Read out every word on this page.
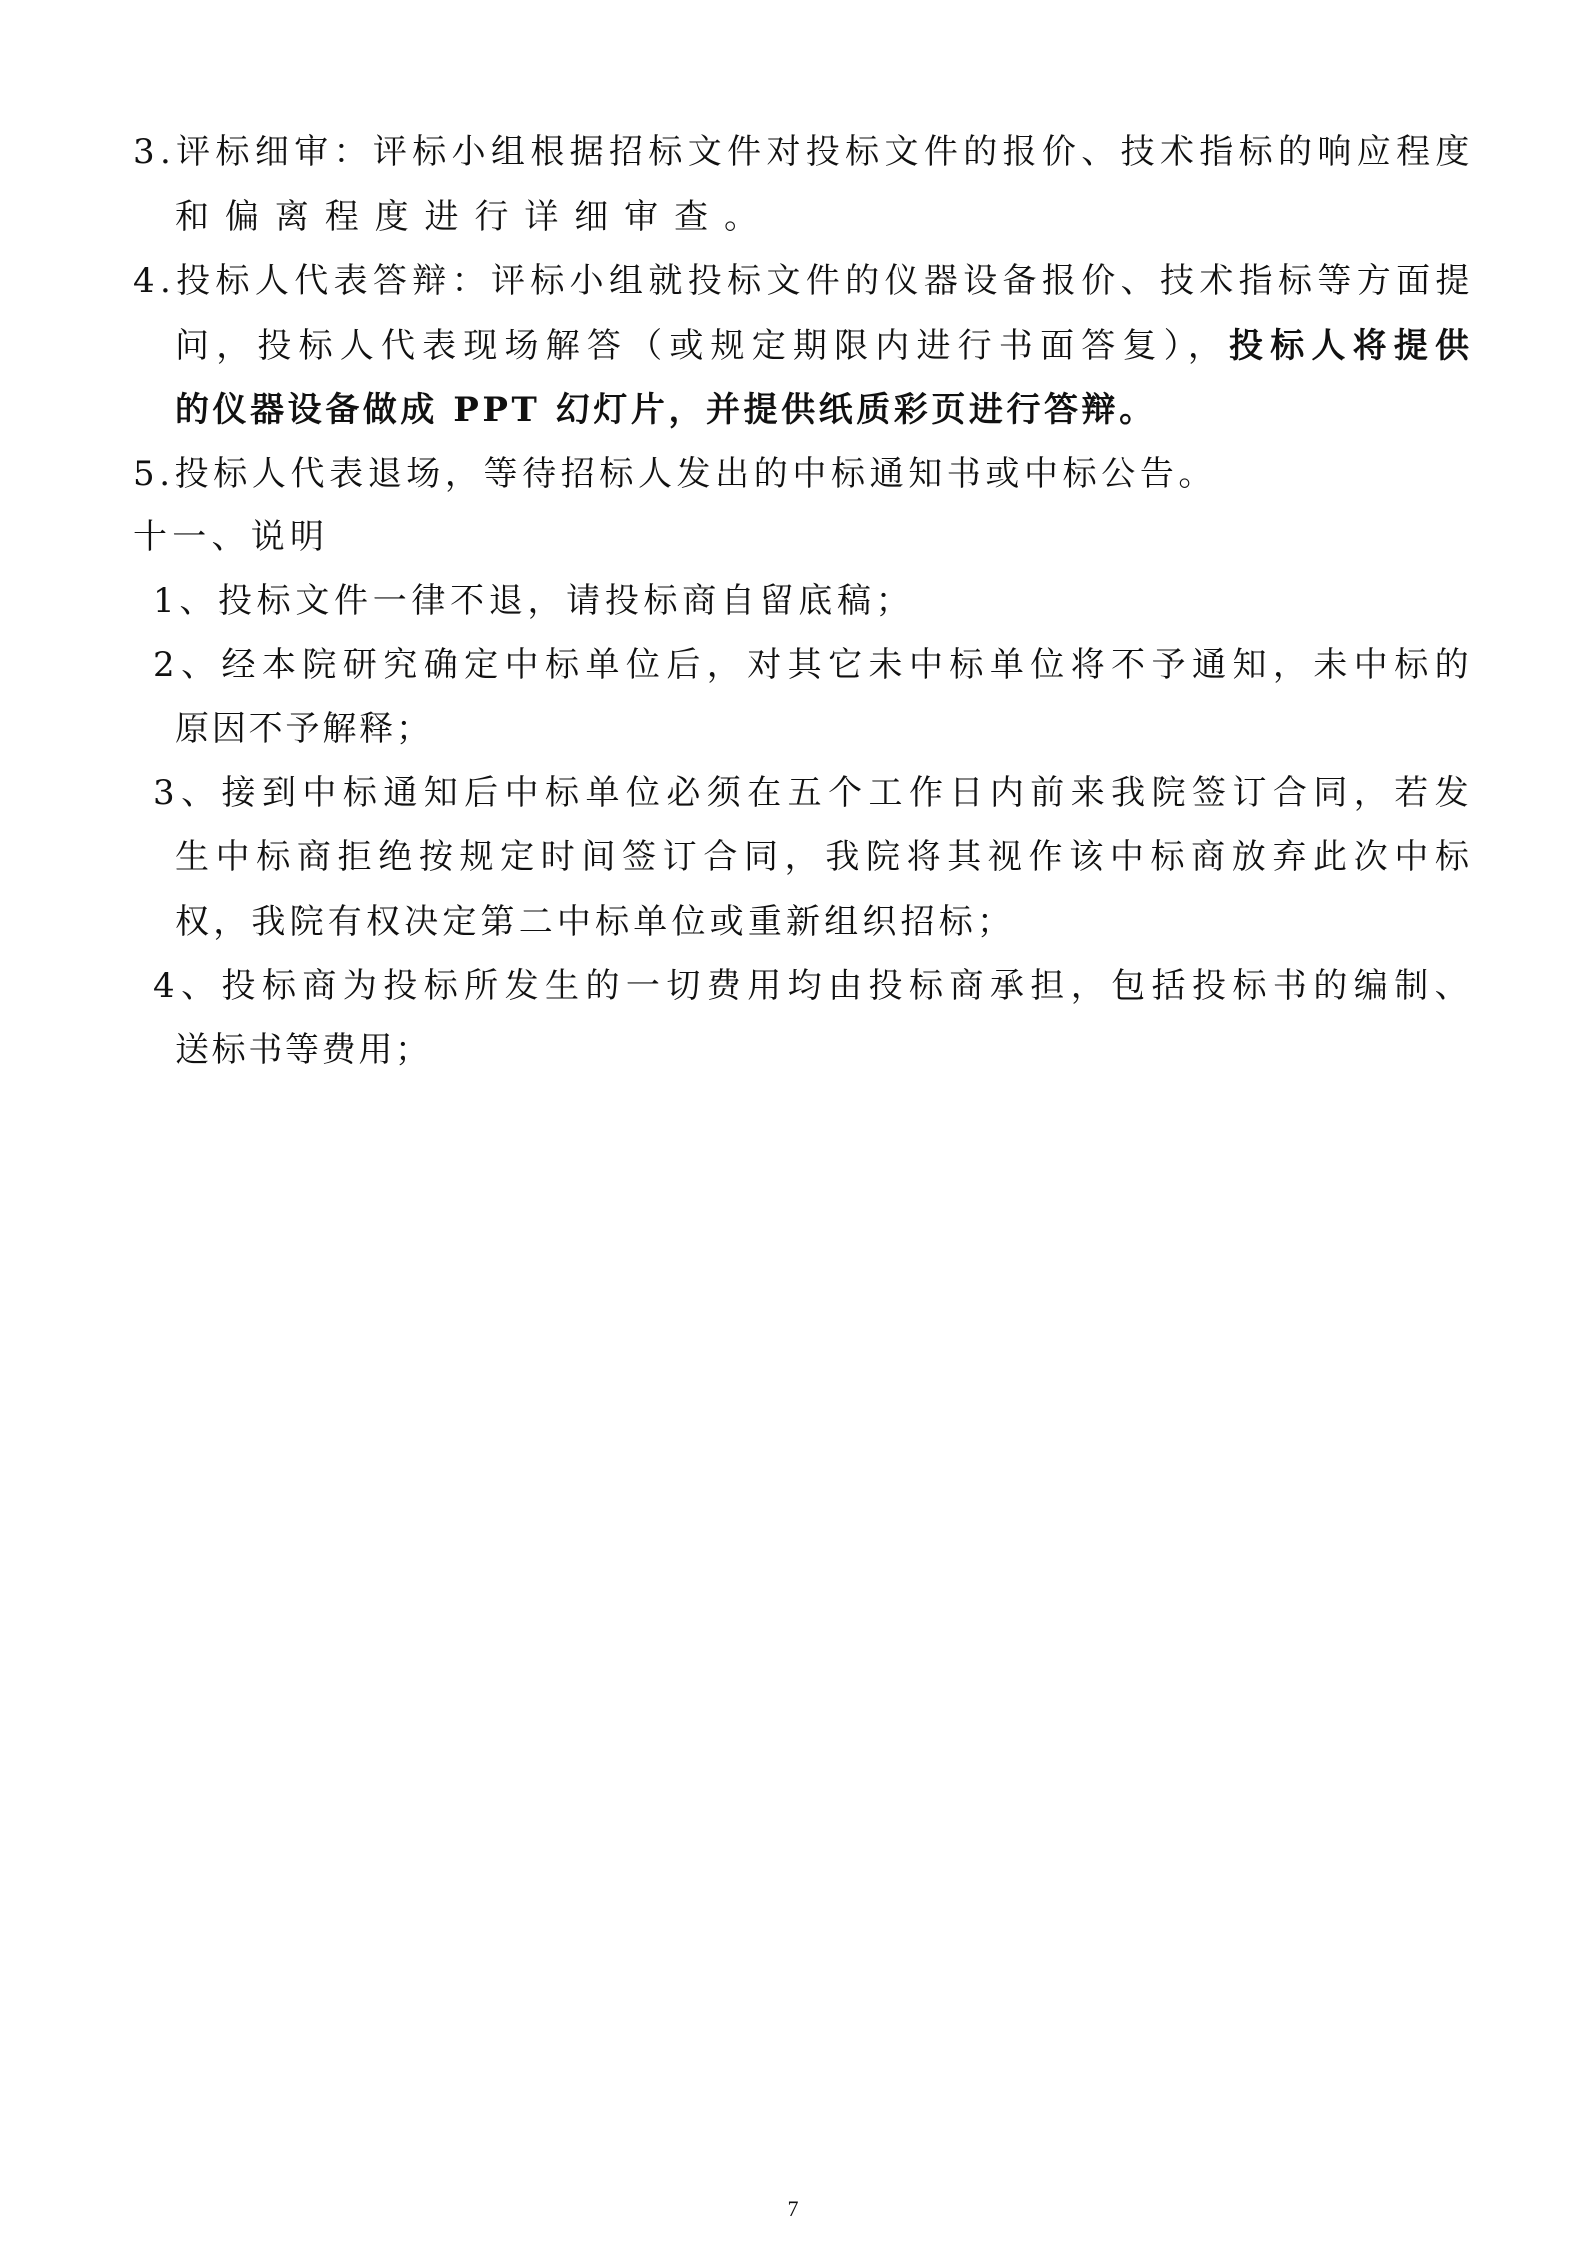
3.评标细审：评标小组根据招标文件对投标文件的报价、技术指标的响应程度
和偏离程度进行详细审查。
4.投标人代表答辩：评标小组就投标文件的仪器设备报价、技术指标等方面提
问，投标人代表现场解答（或规定期限内进行书面答复），投标人将提供
的仪器设备做成 PPT 幻灯片，并提供纸质彩页进行答辩。
5.投标人代表退场，等待招标人发出的中标通知书或中标公告。
十一、说明
1、投标文件一律不退，请投标商自留底稿；
2、经本院研究确定中标单位后，对其它未中标单位将不予通知，未中标的
原因不予解释；
3、接到中标通知后中标单位必须在五个工作日内前来我院签订合同，若发
生中标商拒绝按规定时间签订合同，我院将其视作该中标商放弃此次中标
权，我院有权决定第二中标单位或重新组织招标；
4、投标商为投标所发生的一切费用均由投标商承担，包括投标书的编制、
送标书等费用；
7
